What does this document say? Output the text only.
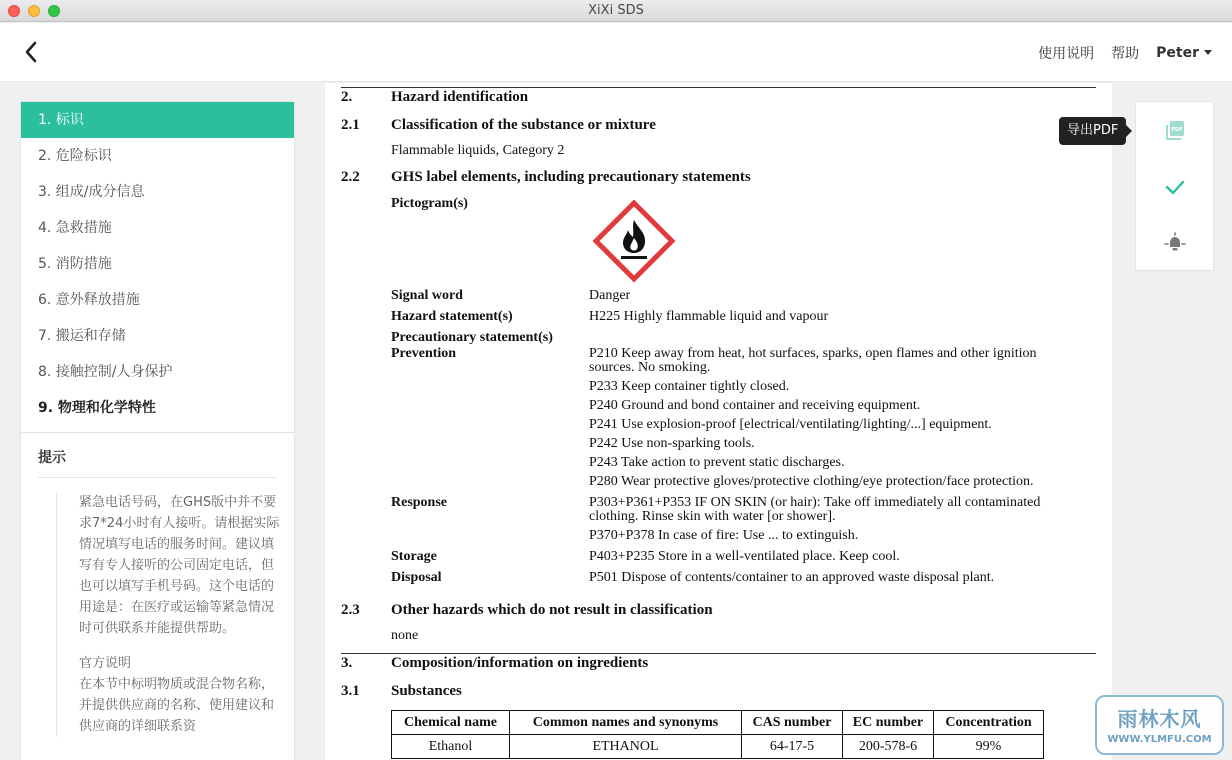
XiXi SDS
使用说明 帮助 Peter
1. 标识
2. 危险标识
3. 组成/成分信息
4. 急救措施
5. 消防措施
6. 意外释放措施
7. 搬运和存储
8. 接触控制/人身保护
9. 物理和化学特性
提示

紧急电话号码，在GHS版中并不要求7*24小时有人接听。请根据实际情况填写电话的服务时间。建议填写有专人接听的公司固定电话，但也可以填写手机号码。这个电话的用途是：在医疗或运输等紧急情况时可供联系并能提供帮助。

官方说明
在本节中标明物质或混合物名称，并提供供应商的名称、使用建议和供应商的详细联系资

2.	Hazard identification
2.1 Classification of the substance or mixture
Flammable liquids, Category 2
2.2 GHS label elements, including precautionary statements
Pictogram(s)
Signal word	Danger
Hazard statement(s)	H225 Highly flammable liquid and vapour
Precautionary statement(s)
Prevention	P210 Keep away from heat, hot surfaces, sparks, open flames and other ignition sources. No smoking.
P233 Keep container tightly closed.
P240 Ground and bond container and receiving equipment.
P241 Use explosion-proof [electrical/ventilating/lighting/...] equipment.
P242 Use non-sparking tools.
P243 Take action to prevent static discharges.
P280 Wear protective gloves/protective clothing/eye protection/face protection.
Response	P303+P361+P353 IF ON SKIN (or hair): Take off immediately all contaminated clothing. Rinse skin with water [or shower].
P370+P378 In case of fire: Use ... to extinguish.
Storage	P403+P235 Store in a well-ventilated place. Keep cool.
Disposal	P501 Dispose of contents/container to an approved waste disposal plant.
2.3 Other hazards which do not result in classification
none
3.	Composition/information on ingredients
3.1 Substances
Chemical name	Common names and synonyms	CAS number	EC number	Concentration
Ethanol	ETHANOL	64-17-5	200-578-6	99%
导出PDF	PDF
雨林木风
WWW.YLMFU.COM
